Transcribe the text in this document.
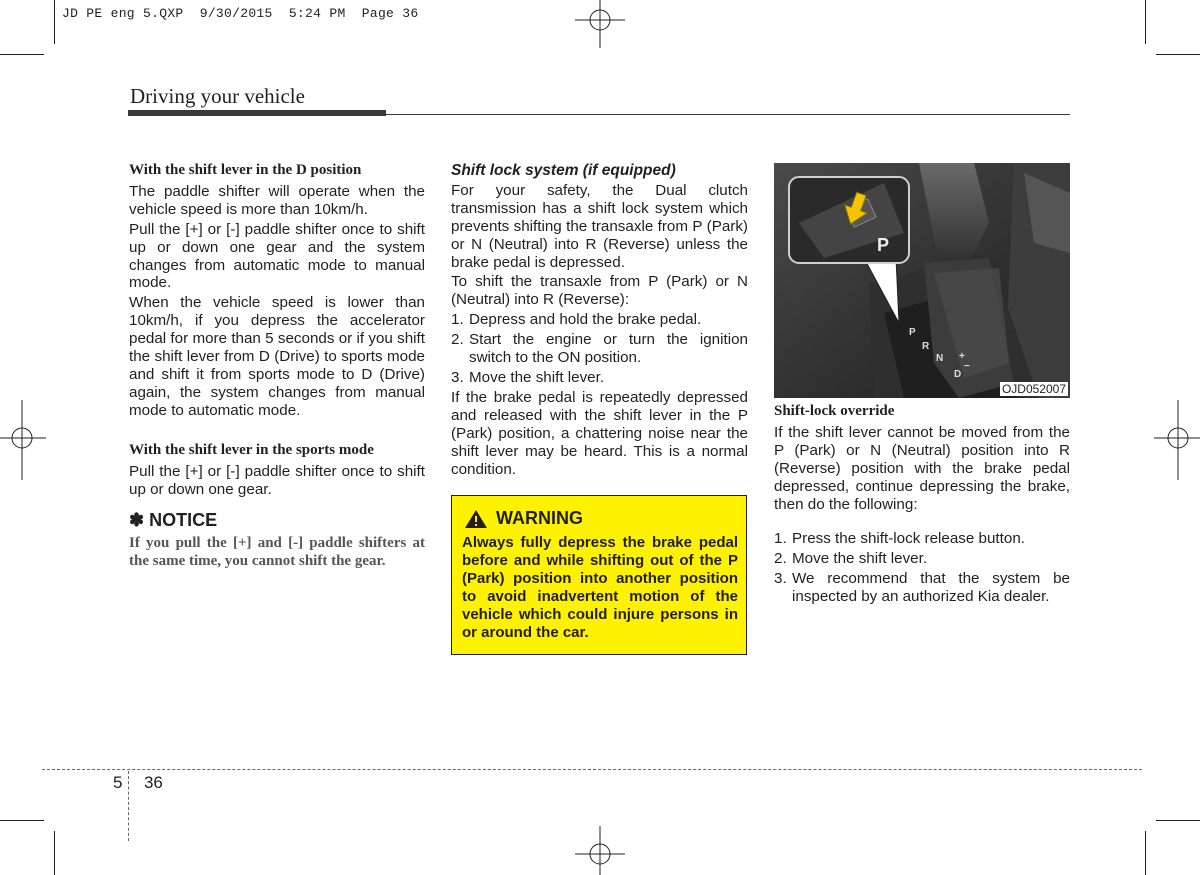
JD PE eng 5.QXP  9/30/2015  5:24 PM  Page 36
Driving your vehicle
With the shift lever in the D position

The paddle shifter will operate when the vehicle speed is more than 10km/h.

Pull the [+] or [-] paddle shifter once to shift up or down one gear and the system changes from automatic mode to manual mode.

When the vehicle speed is lower than 10km/h, if you depress the accelerator pedal for more than 5 seconds or if you shift the shift lever from D (Drive) to sports mode and shift it from sports mode to D (Drive) again, the system changes from manual mode to automatic mode.

With the shift lever in the sports mode

Pull the [+] or [-] paddle shifter once to shift up or down one gear.

✽ NOTICE
If you pull the [+] and [-] paddle shifters at the same time, you cannot shift the gear.
Shift lock system (if equipped)

For your safety, the Dual clutch transmission has a shift lock system which prevents shifting the transaxle from P (Park) or N (Neutral) into R (Reverse) unless the brake pedal is depressed.

To shift the transaxle from P (Park) or N (Neutral) into R (Reverse):

1. Depress and hold the brake pedal.
2. Start the engine or turn the ignition switch to the ON position.
3. Move the shift lever.

If the brake pedal is repeatedly depressed and released with the shift lever in the P (Park) position, a chattering noise near the shift lever may be heard. This is a normal condition.

WARNING
Always fully depress the brake pedal before and while shifting out of the P (Park) position into another position to avoid inadvertent motion of the vehicle which could injure persons in or around the car.
P
R
N
D
+
−
P
OJD052007
Shift-lock override

If the shift lever cannot be moved from the P (Park) or N (Neutral) position into R (Reverse) position with the brake pedal depressed, continue depressing the brake, then do the following:

1. Press the shift-lock release button.
2. Move the shift lever.
3. We recommend that the system be inspected by an authorized Kia dealer.
5 36
